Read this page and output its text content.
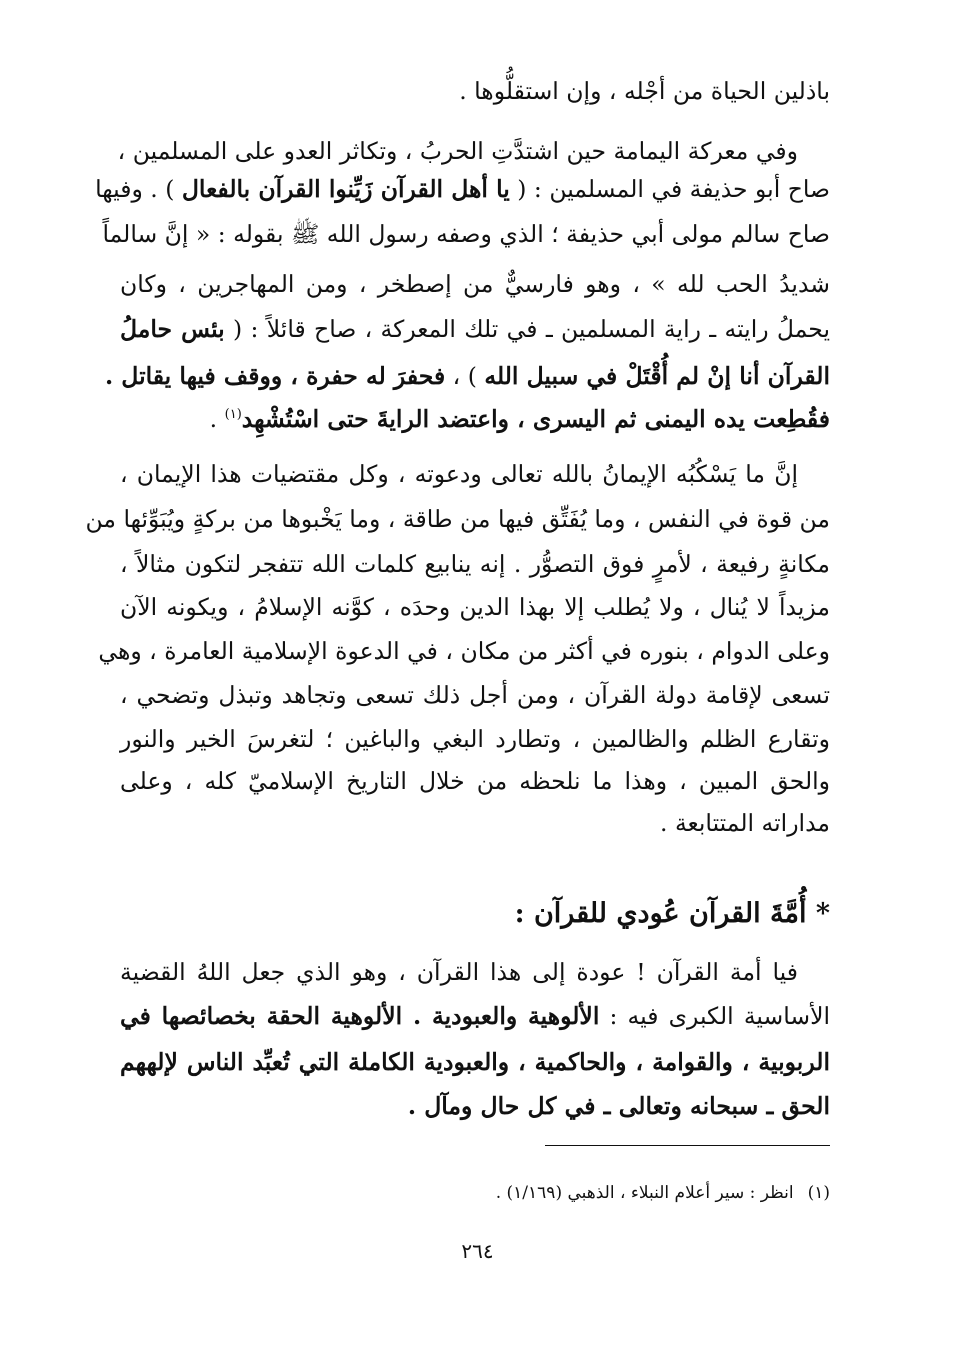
باذلين الحياة من أجْله ، وإن استقلُّوها .
وفي معركة اليمامة حين اشتدَّتِ الحربُ ، وتكاثر العدو على المسلمين ،
صاح أبو حذيفة في المسلمين : ( يا أهل القرآن زَيِّنوا القرآن بالفعال ) . وفيها
صاح سالم مولى أبي حذيفة ؛ الذي وصفه رسول الله ﷺ بقوله : « إنَّ سالماً
شديدُ الحب لله » ، وهو فارسيٌّ من إصطخر ، ومن المهاجرين ، وكان
يحملُ رايته ـ راية المسلمين ـ في تلك المعركة ، صاح قائلاً : ( بئس حاملُ
القرآن أنا إنْ لم أُقْتَلْ في سبيل الله ) ، فحفرَ له حفرة ، ووقف فيها يقاتل .
فقُطِعت يده اليمنى ثم اليسرى ، واعتضد الرايةَ حتى اسْتُشْهِد$^{(١)}$ .
إنَّ ما يَسْكُبُه الإيمانُ بالله تعالى ودعوته ، وكل مقتضيات هذا الإيمان ،
من قوة في النفس ، وما يُفَتِّق فيها من طاقة ، وما يَخْبوها من بركةٍ ويُبَوِّئها من
مكانةٍ رفيعة ، لأمرٍ فوق التصوُّر . إنه ينابيع كلمات الله تتفجر لتكون مثالاً ،
مزيداً لا يُنال ، ولا يُطلب إلا بهذا الدين وحدَه ، كوَّنه الإسلامُ ، ويكونه الآن
وعلى الدوام ، بنوره في أكثر من مكان ، في الدعوة الإسلامية العامرة ، وهي
تسعى لإقامة دولة القرآن ، ومن أجل ذلك تسعى وتجاهد وتبذل وتضحي ،
وتقارع الظلم والظالمين ، وتطارد البغي والباغين ؛ لتغرسَ الخير والنور
والحق المبين ، وهذا ما نلحظه من خلال التاريخ الإسلاميّ كله ، وعلى
مداراته المتتابعة .
* أُمَّةَ القرآن عُودي للقرآن :
فيا أمة القرآن ! عودة إلى هذا القرآن ، وهو الذي جعل اللهُ القضية
الأساسية الكبرى فيه : الألوهية والعبودية . الألوهية الحقة بخصائصها في
الربوبية ، والقوامة ، والحاكمية ، والعبودية الكاملة التي تُعبِّد الناس لإلههم
الحق ـ سبحانه وتعالى ـ في كل حال ومآل .
(١)انظر : سير أعلام النبلاء ، الذهبي (١/١٦٩) .
٢٦٤
